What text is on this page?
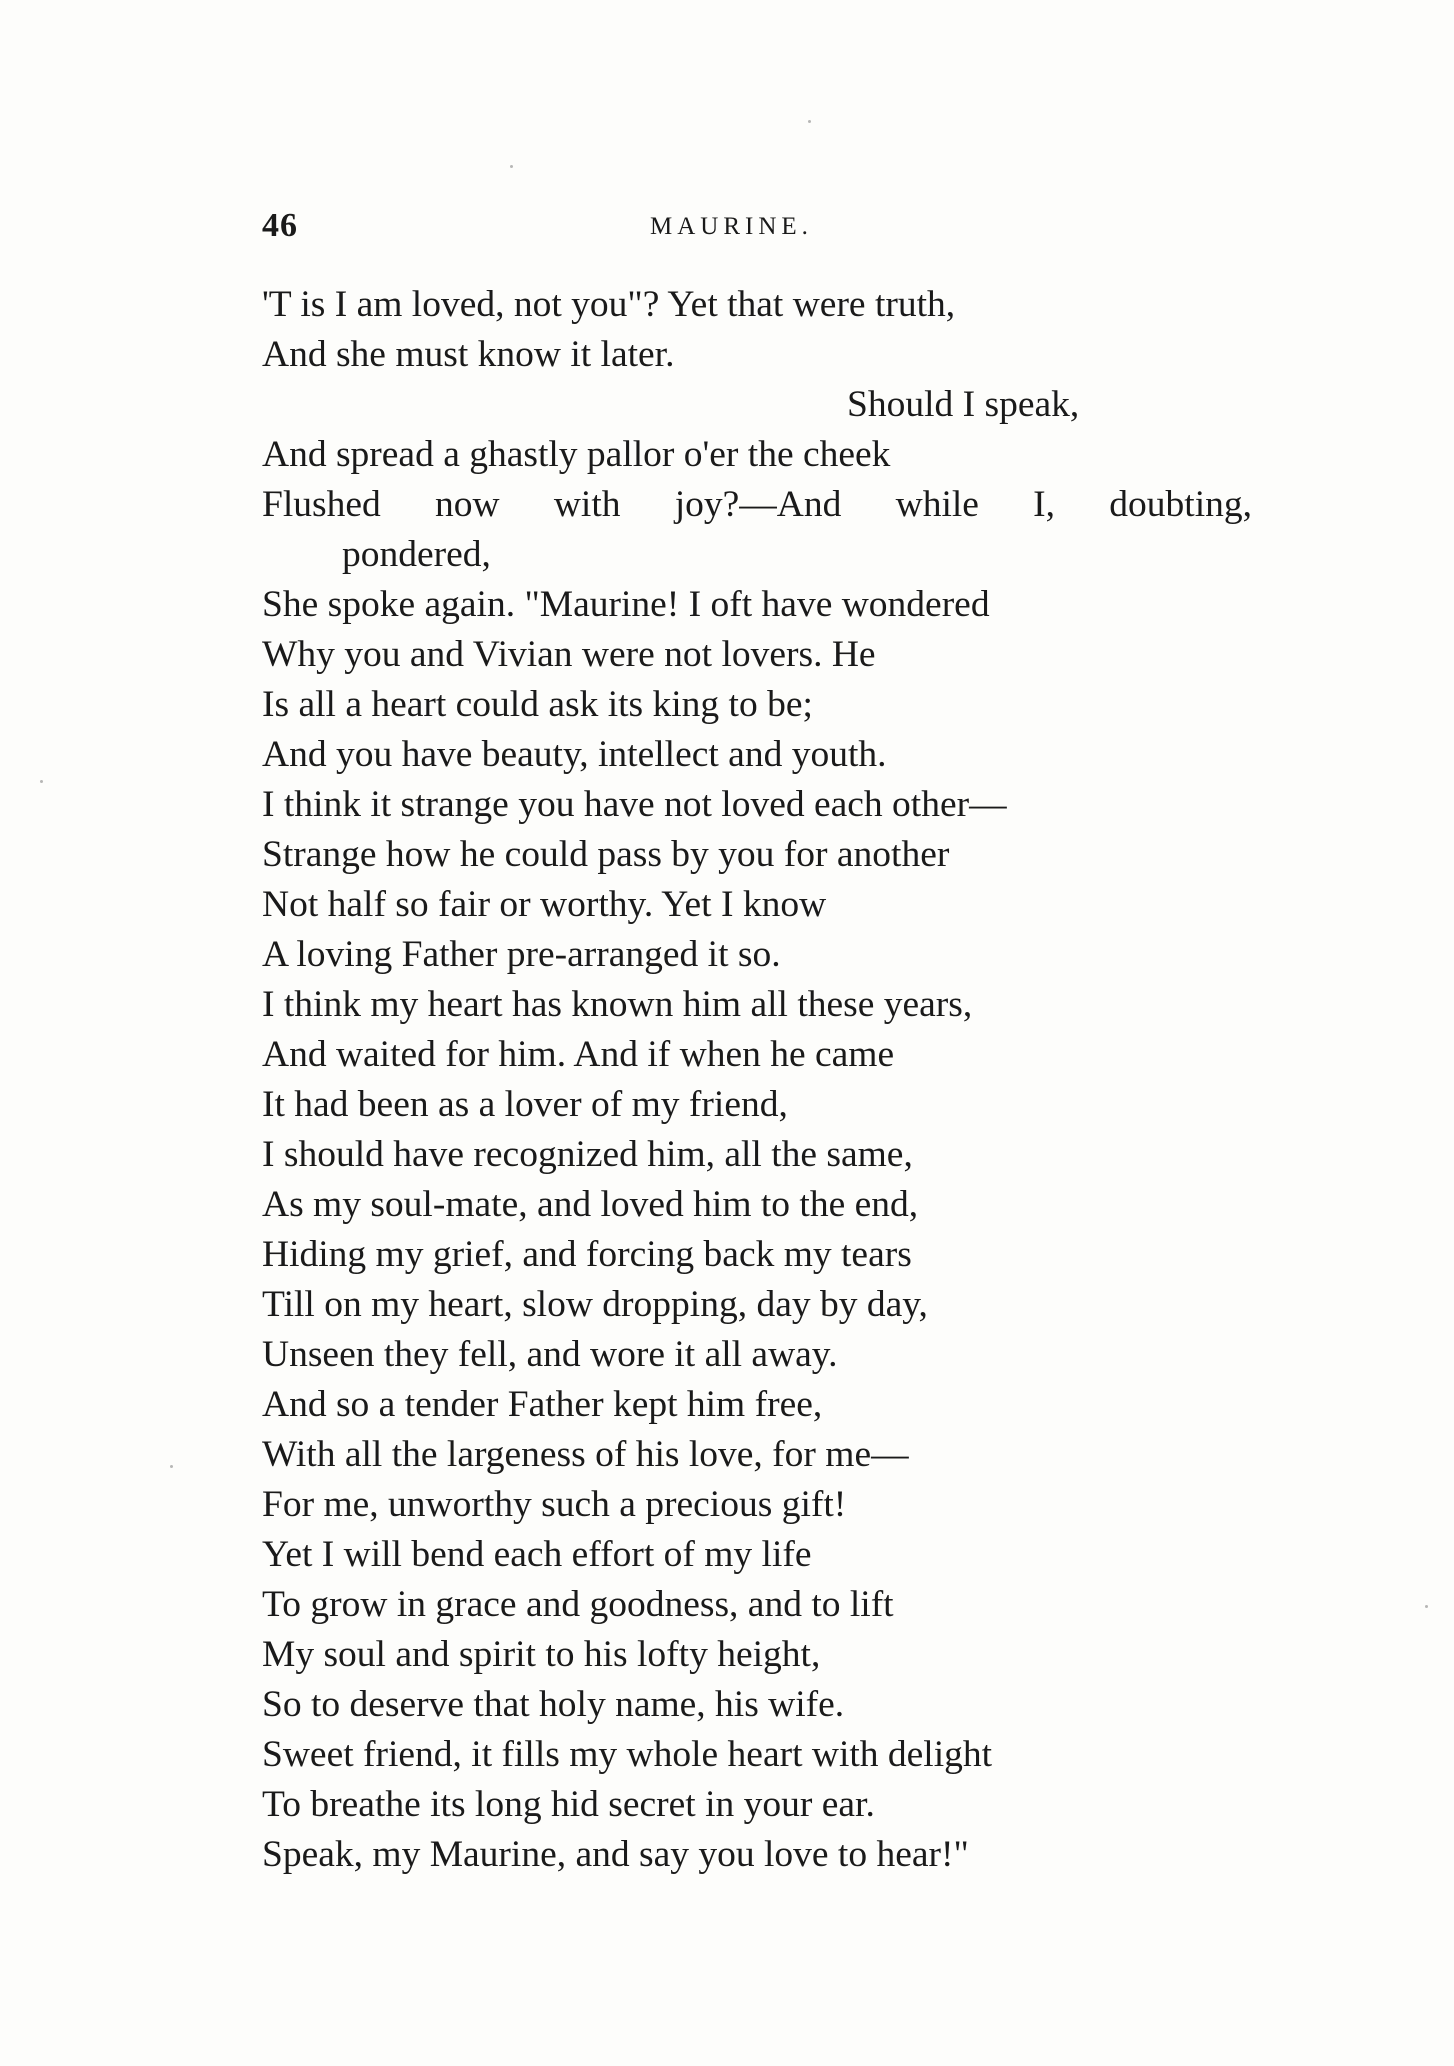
46	MAURINE.
'T is I am loved, not you"? Yet that were truth,
And she must know it later.
Should I speak,
And spread a ghastly pallor o'er the cheek
Flushed now with joy?—And while I, doubting,
pondered,
She spoke again. "Maurine! I oft have wondered
Why you and Vivian were not lovers. He
Is all a heart could ask its king to be;
And you have beauty, intellect and youth.
I think it strange you have not loved each other—
Strange how he could pass by you for another
Not half so fair or worthy. Yet I know
A loving Father pre-arranged it so.
I think my heart has known him all these years,
And waited for him. And if when he came
It had been as a lover of my friend,
I should have recognized him, all the same,
As my soul-mate, and loved him to the end,
Hiding my grief, and forcing back my tears
Till on my heart, slow dropping, day by day,
Unseen they fell, and wore it all away.
And so a tender Father kept him free,
With all the largeness of his love, for me—
For me, unworthy such a precious gift!
Yet I will bend each effort of my life
To grow in grace and goodness, and to lift
My soul and spirit to his lofty height,
So to deserve that holy name, his wife.
Sweet friend, it fills my whole heart with delight
To breathe its long hid secret in your ear.
Speak, my Maurine, and say you love to hear!"
